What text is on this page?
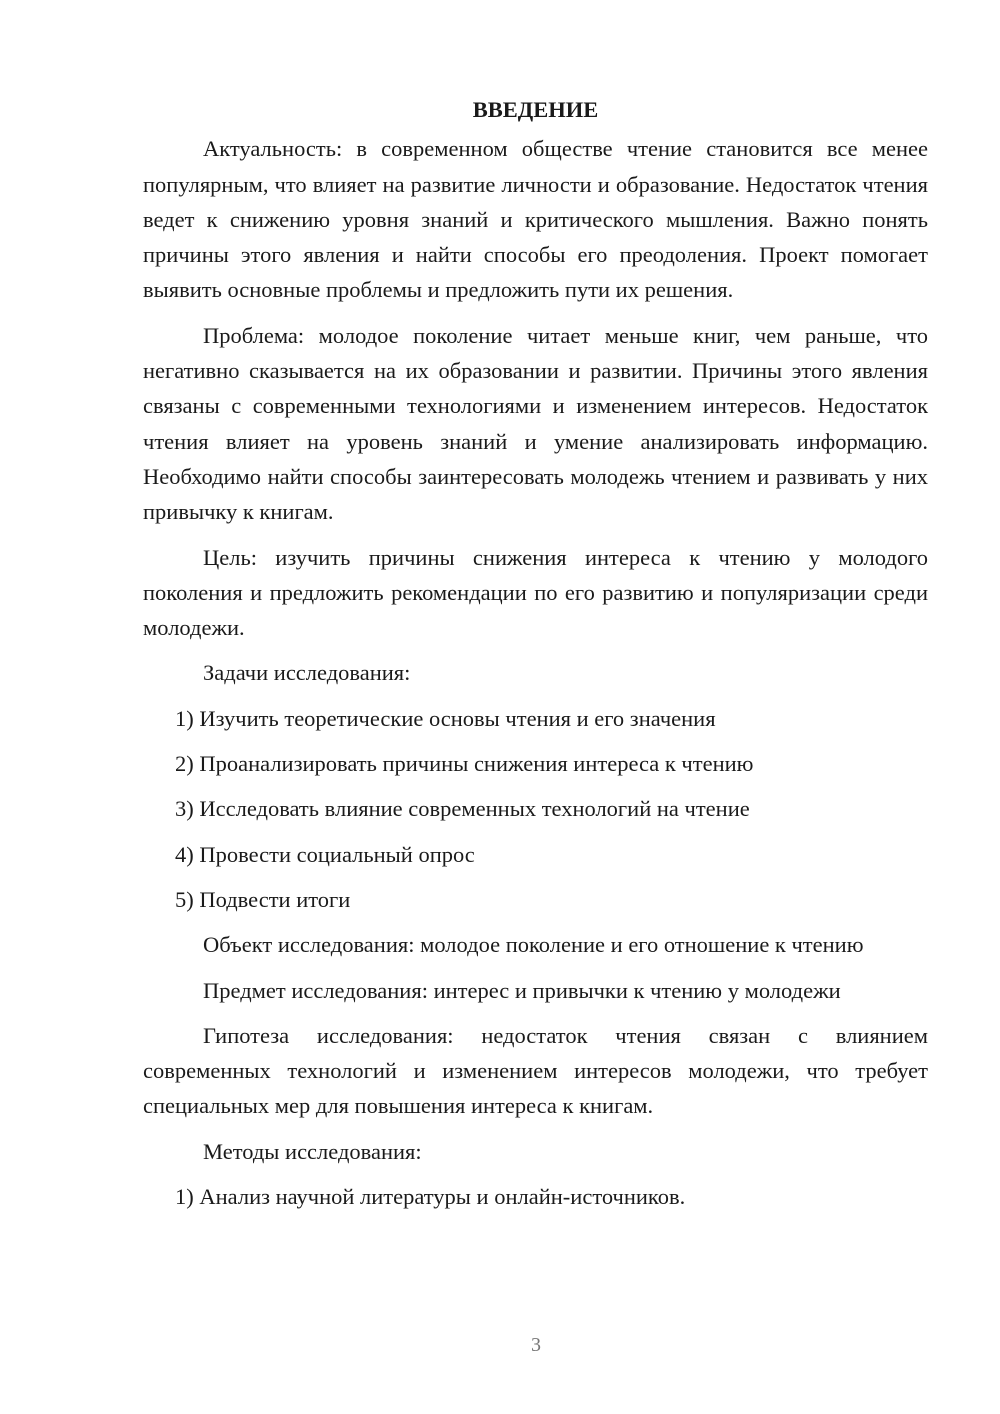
ВВЕДЕНИЕ

Актуальность: в современном обществе чтение становится все менее популярным, что влияет на развитие личности и образование. Недостаток чтения ведет к снижению уровня знаний и критического мышления. Важно понять причины этого явления и найти способы его преодоления. Проект помогает выявить основные проблемы и предложить пути их решения.

Проблема: молодое поколение читает меньше книг, чем раньше, что негативно сказывается на их образовании и развитии. Причины этого явления связаны с современными технологиями и изменением интересов. Недостаток чтения влияет на уровень знаний и умение анализировать информацию. Необходимо найти способы заинтересовать молодежь чтением и развивать у них привычку к книгам.

Цель: изучить причины снижения интереса к чтению у молодого поколения и предложить рекомендации по его развитию и популяризации среди молодежи.

Задачи исследования:
1) Изучить теоретические основы чтения и его значения
2) Проанализировать причины снижения интереса к чтению
3) Исследовать влияние современных технологий на чтение
4) Провести социальный опрос
5) Подвести итоги

Объект исследования: молодое поколение и его отношение к чтению

Предмет исследования: интерес и привычки к чтению у молодежи

Гипотеза исследования: недостаток чтения связан с влиянием современных технологий и изменением интересов молодежи, что требует специальных мер для повышения интереса к книгам.

Методы исследования:
1) Анализ научной литературы и онлайн-источников.
3
